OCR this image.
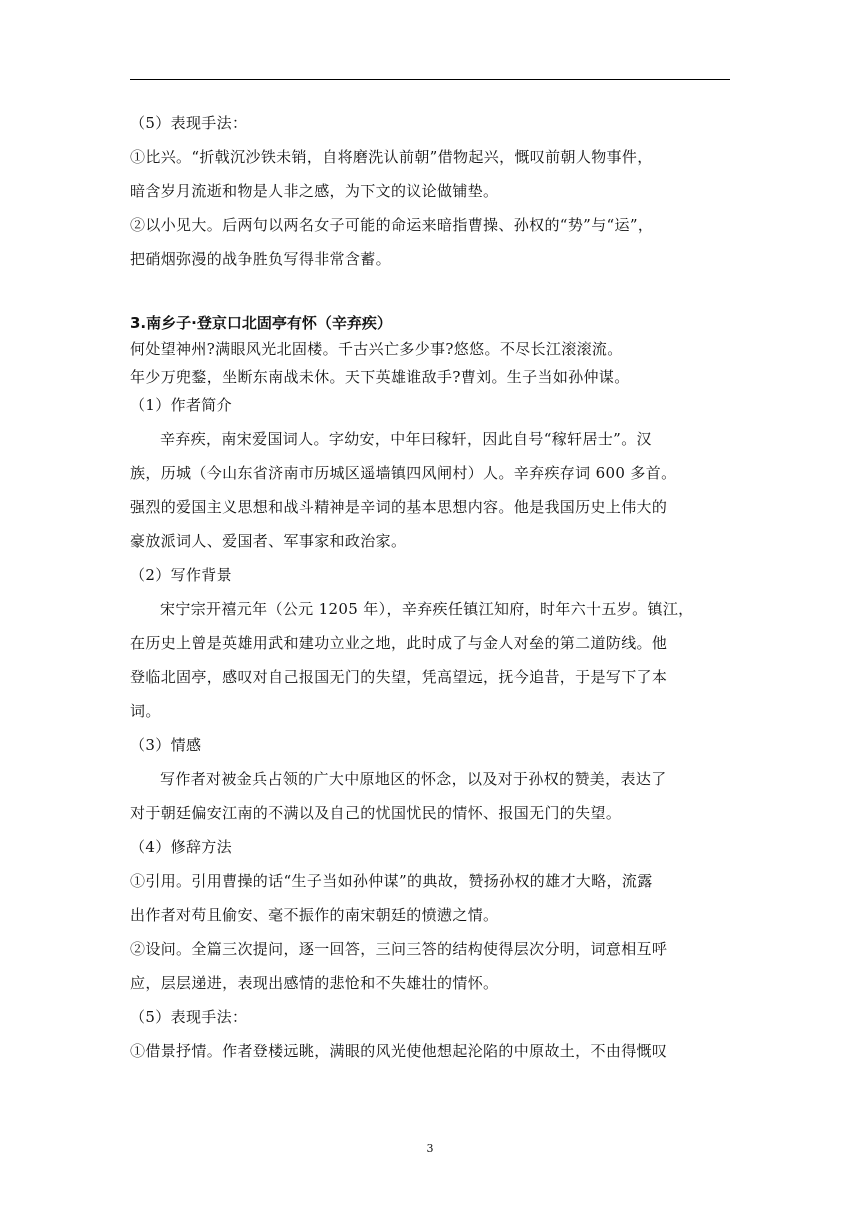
（5）表现手法：

①比兴。“折戟沉沙铁未销，自将磨洗认前朝”借物起兴，慨叹前朝人物事件，

暗含岁月流逝和物是人非之感，为下文的议论做铺垫。

②以小见大。后两句以两名女子可能的命运来暗指曹操、孙权的“势”与“运”，

把硝烟弥漫的战争胜负写得非常含蓄。

3.南乡子·登京口北固亭有怀（辛弃疾）

何处望神州?满眼风光北固楼。千古兴亡多少事?悠悠。不尽长江滚滚流。

年少万兜鍪，坐断东南战未休。天下英雄谁敌手?曹刘。生子当如孙仲谋。

（1）作者简介

辛弃疾，南宋爱国词人。字幼安，中年曰稼轩，因此自号“稼轩居士”。汉

族，历城（今山东省济南市历城区遥墙镇四风闸村）人。辛弃疾存词 600 多首。

强烈的爱国主义思想和战斗精神是辛词的基本思想内容。他是我国历史上伟大的

豪放派词人、爱国者、军事家和政治家。

（2）写作背景

宋宁宗开禧元年（公元 1205 年），辛弃疾任镇江知府，时年六十五岁。镇江，

在历史上曾是英雄用武和建功立业之地，此时成了与金人对垒的第二道防线。他

登临北固亭，感叹对自己报国无门的失望，凭高望远，抚今追昔，于是写下了本

词。

（3）情感

写作者对被金兵占领的广大中原地区的怀念，以及对于孙权的赞美，表达了

对于朝廷偏安江南的不满以及自己的忧国忧民的情怀、报国无门的失望。

（4）修辞方法

①引用。引用曹操的话“生子当如孙仲谋”的典故，赞扬孙权的雄才大略，流露

出作者对苟且偷安、毫不振作的南宋朝廷的愤懑之情。

②设问。全篇三次提问，逐一回答，三问三答的结构使得层次分明，词意相互呼

应，层层递进，表现出感情的悲怆和不失雄壮的情怀。

（5）表现手法：

①借景抒情。作者登楼远眺，满眼的风光使他想起沦陷的中原故土，不由得慨叹

3
